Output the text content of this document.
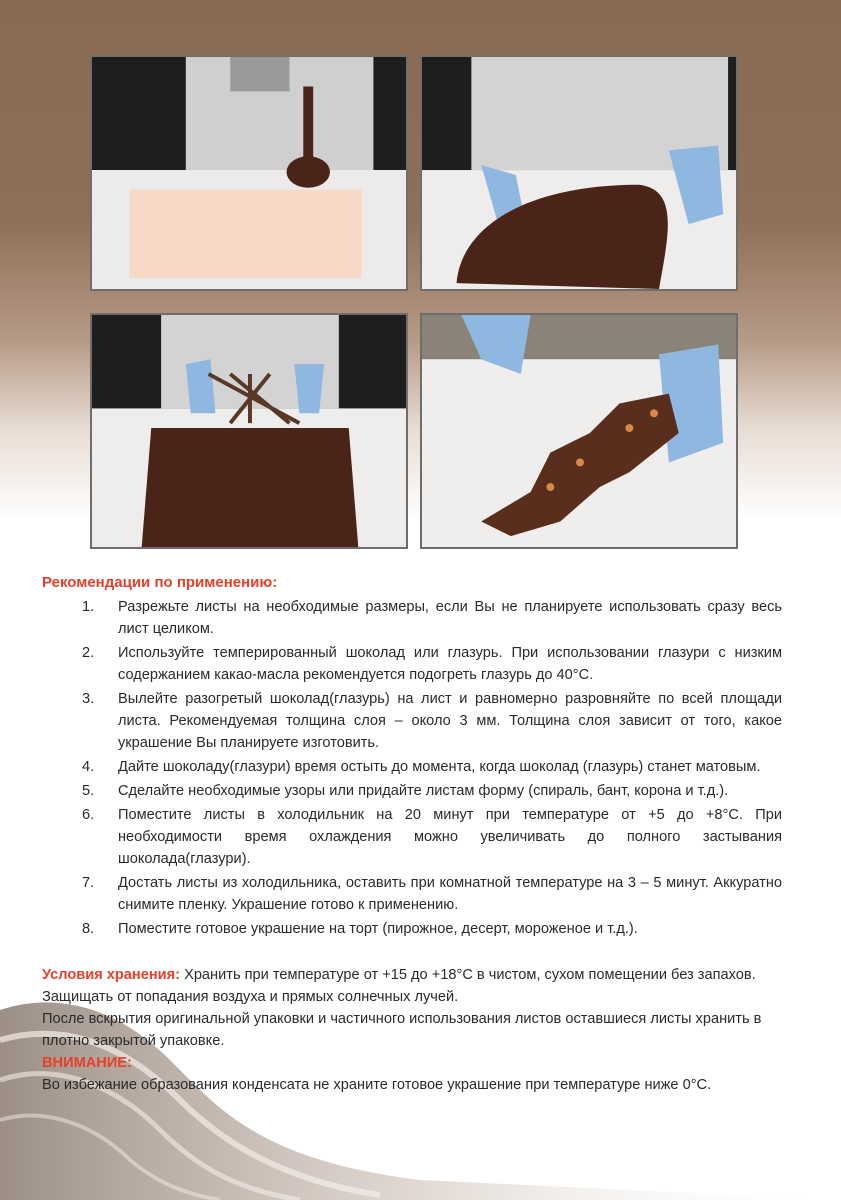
Рекомендации по применению:
1. Разрежьте листы на необходимые размеры, если Вы не планируете использовать сразу весь лист целиком.
2. Используйте темперированный шоколад или глазурь. При использовании глазури с низким содержанием какао-масла рекомендуется подогреть глазурь до 40°С.
3. Вылейте разогретый шоколад(глазурь) на лист и равномерно разровняйте по всей площади листа. Рекомендуемая толщина слоя – около 3 мм. Толщина слоя зависит от того, какое украшение Вы планируете изготовить.
4. Дайте шоколаду(глазури) время остыть до момента, когда шоколад (глазурь) станет матовым.
5. Сделайте необходимые узоры или придайте листам форму (спираль, бант, корона и т.д.).
6. Поместите листы в холодильник на 20 минут при температуре от +5 до +8°С. При необходимости время охлаждения можно увеличивать до полного застывания шоколада(глазури).
7. Достать листы из холодильника, оставить при комнатной температуре на 3 – 5 минут. Аккуратно снимите пленку. Украшение готово к применению.
8. Поместите готовое украшение на торт (пирожное, десерт, мороженое и т.д.).

Условия хранения: Хранить при температуре от +15 до +18°С в чистом, сухом помещении без запахов. Защищать от попадания воздуха и прямых солнечных лучей.

После вскрытия оригинальной упаковки и частичного использования листов оставшиеся листы хранить в плотно закрытой упаковке.

ВНИМАНИЕ:

Во избежание образования конденсата не храните готовое украшение при температуре ниже 0°С.
